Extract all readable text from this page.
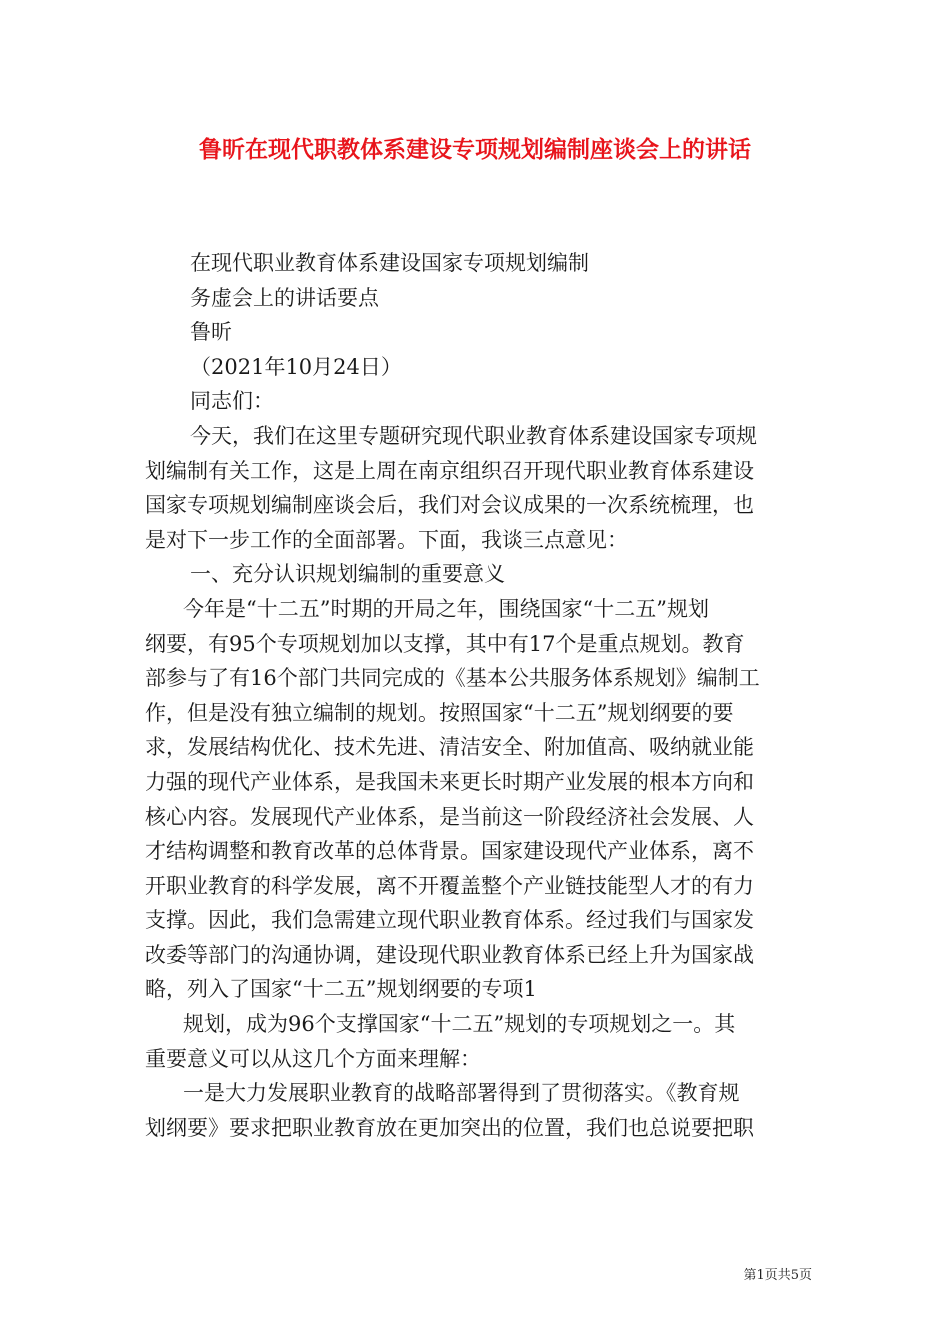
鲁昕在现代职教体系建设专项规划编制座谈会上的讲话
在现代职业教育体系建设国家专项规划编制
务虚会上的讲话要点
鲁昕
（2021年10月24日）
同志们：
今天，我们在这里专题研究现代职业教育体系建设国家专项规
划编制有关工作，这是上周在南京组织召开现代职业教育体系建设
国家专项规划编制座谈会后，我们对会议成果的一次系统梳理，也
是对下一步工作的全面部署。下面，我谈三点意见：
一、充分认识规划编制的重要意义
今年是“十二五”时期的开局之年，围绕国家“十二五”规划
纲要，有95个专项规划加以支撑，其中有17个是重点规划。教育
部参与了有16个部门共同完成的《基本公共服务体系规划》编制工
作，但是没有独立编制的规划。按照国家“十二五”规划纲要的要
求，发展结构优化、技术先进、清洁安全、附加值高、吸纳就业能
力强的现代产业体系，是我国未来更长时期产业发展的根本方向和
核心内容。发展现代产业体系，是当前这一阶段经济社会发展、人
才结构调整和教育改革的总体背景。国家建设现代产业体系，离不
开职业教育的科学发展，离不开覆盖整个产业链技能型人才的有力
支撑。因此，我们急需建立现代职业教育体系。经过我们与国家发
改委等部门的沟通协调，建设现代职业教育体系已经上升为国家战
略，列入了国家“十二五”规划纲要的专项1
规划，成为96个支撑国家“十二五”规划的专项规划之一。其
重要意义可以从这几个方面来理解：
一是大力发展职业教育的战略部署得到了贯彻落实。《教育规
划纲要》要求把职业教育放在更加突出的位置，我们也总说要把职
第1页共5页
